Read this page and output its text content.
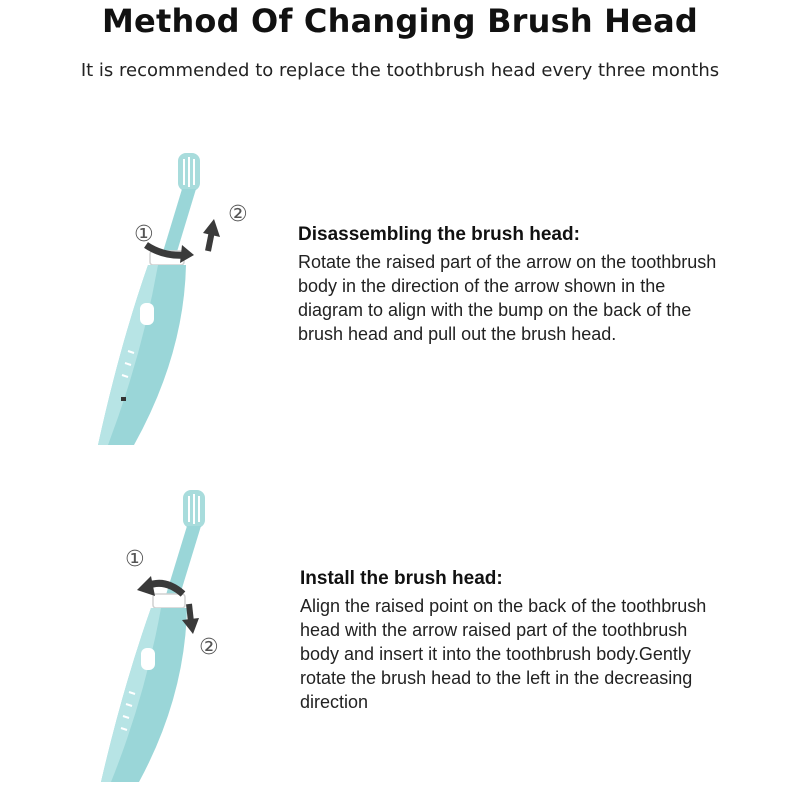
Method Of Changing Brush Head
It is recommended to replace the toothbrush head every three months
①
②
Disassembling the brush head:

Rotate the raised part of the arrow on the toothbrush body in the direction of the arrow shown in the diagram to align with the bump on the back of the brush head and pull out the brush head.

①
②
Install the brush head:

Align the raised point on the back of the toothbrush head with the arrow raised part of the toothbrush body and insert it into the toothbrush body.Gently rotate the brush head to the left in the decreasing direction
